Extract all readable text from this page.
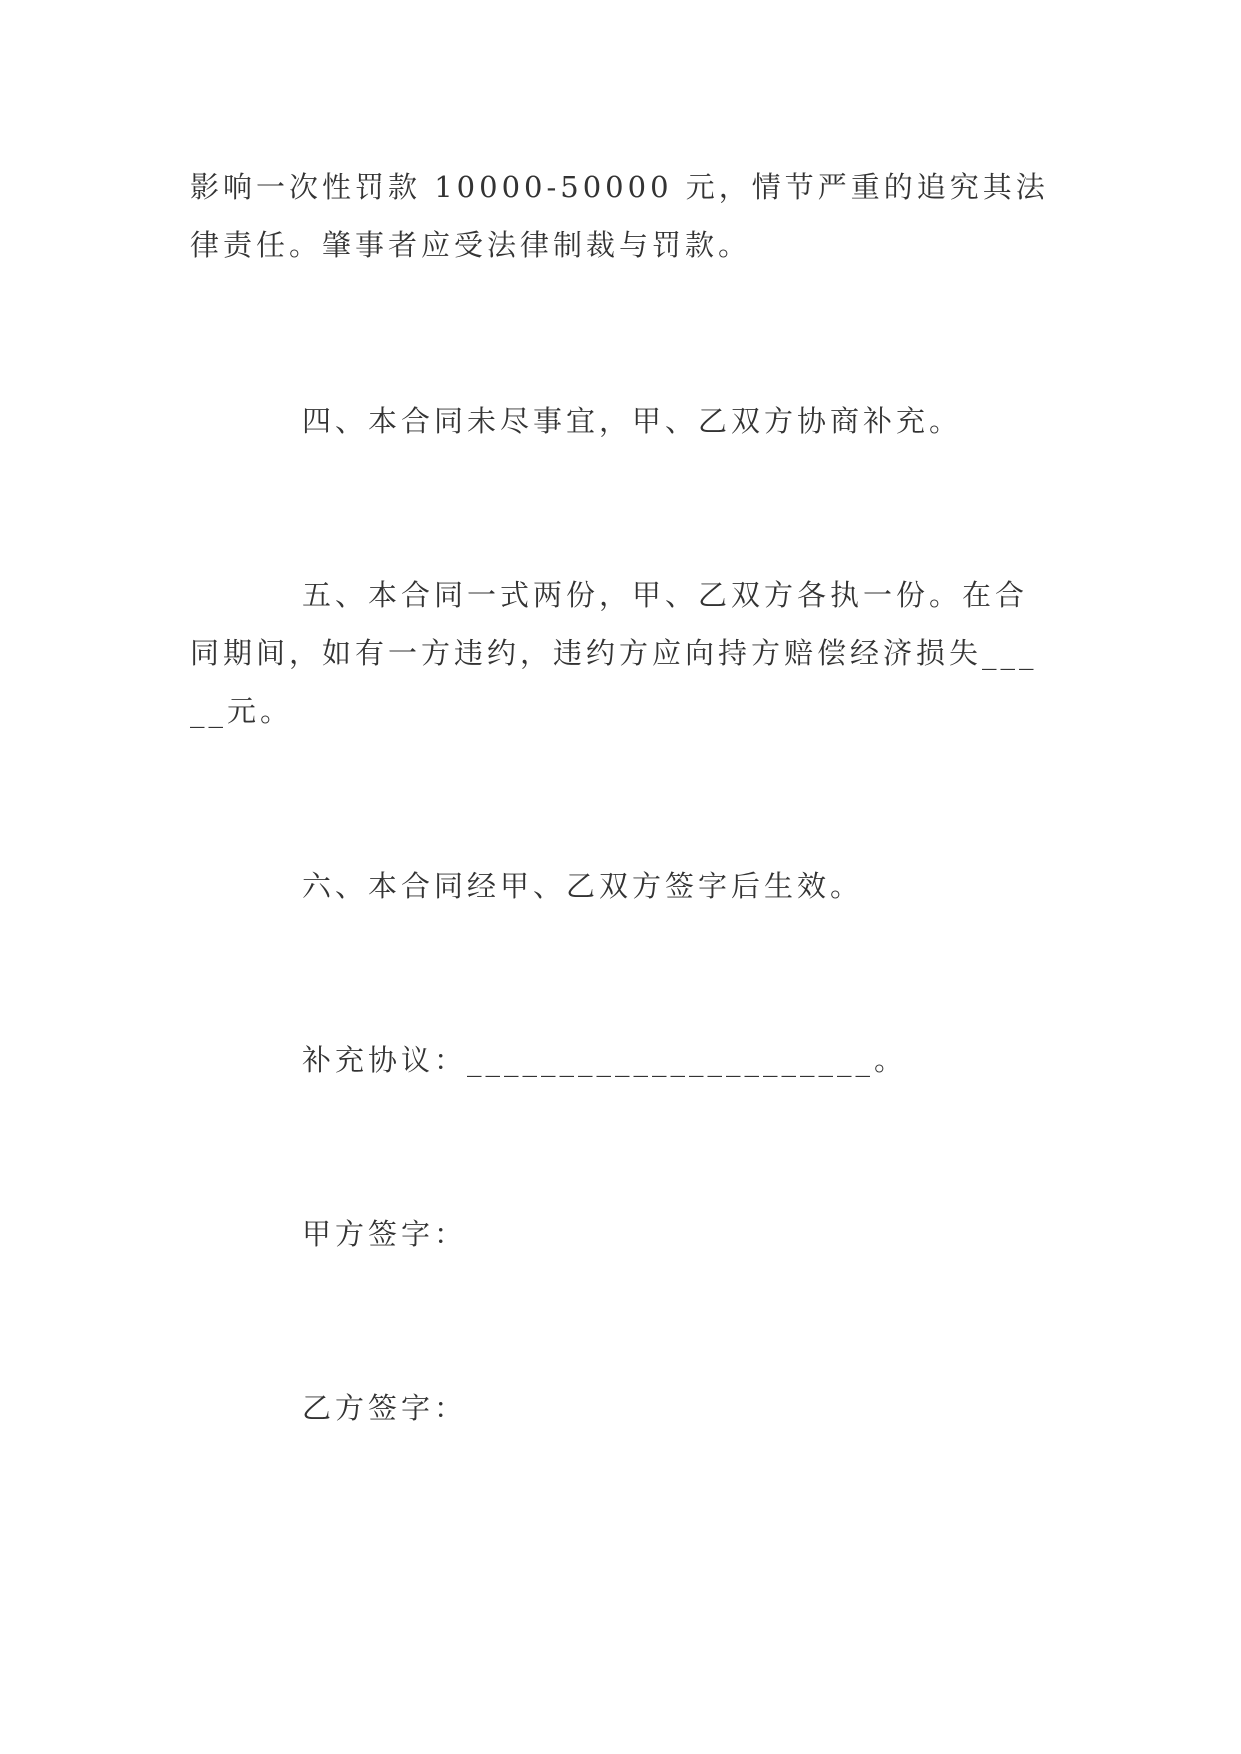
影响一次性罚款 10000-50000 元，情节严重的追究其法律责任。肇事者应受法律制裁与罚款。

四、本合同未尽事宜，甲、乙双方协商补充。

五、本合同一式两份，甲、乙双方各执一份。在合同期间，如有一方违约，违约方应向持方赔偿经济损失_____元。

六、本合同经甲、乙双方签字后生效。

补充协议：______________________。

甲方签字：

乙方签字：
